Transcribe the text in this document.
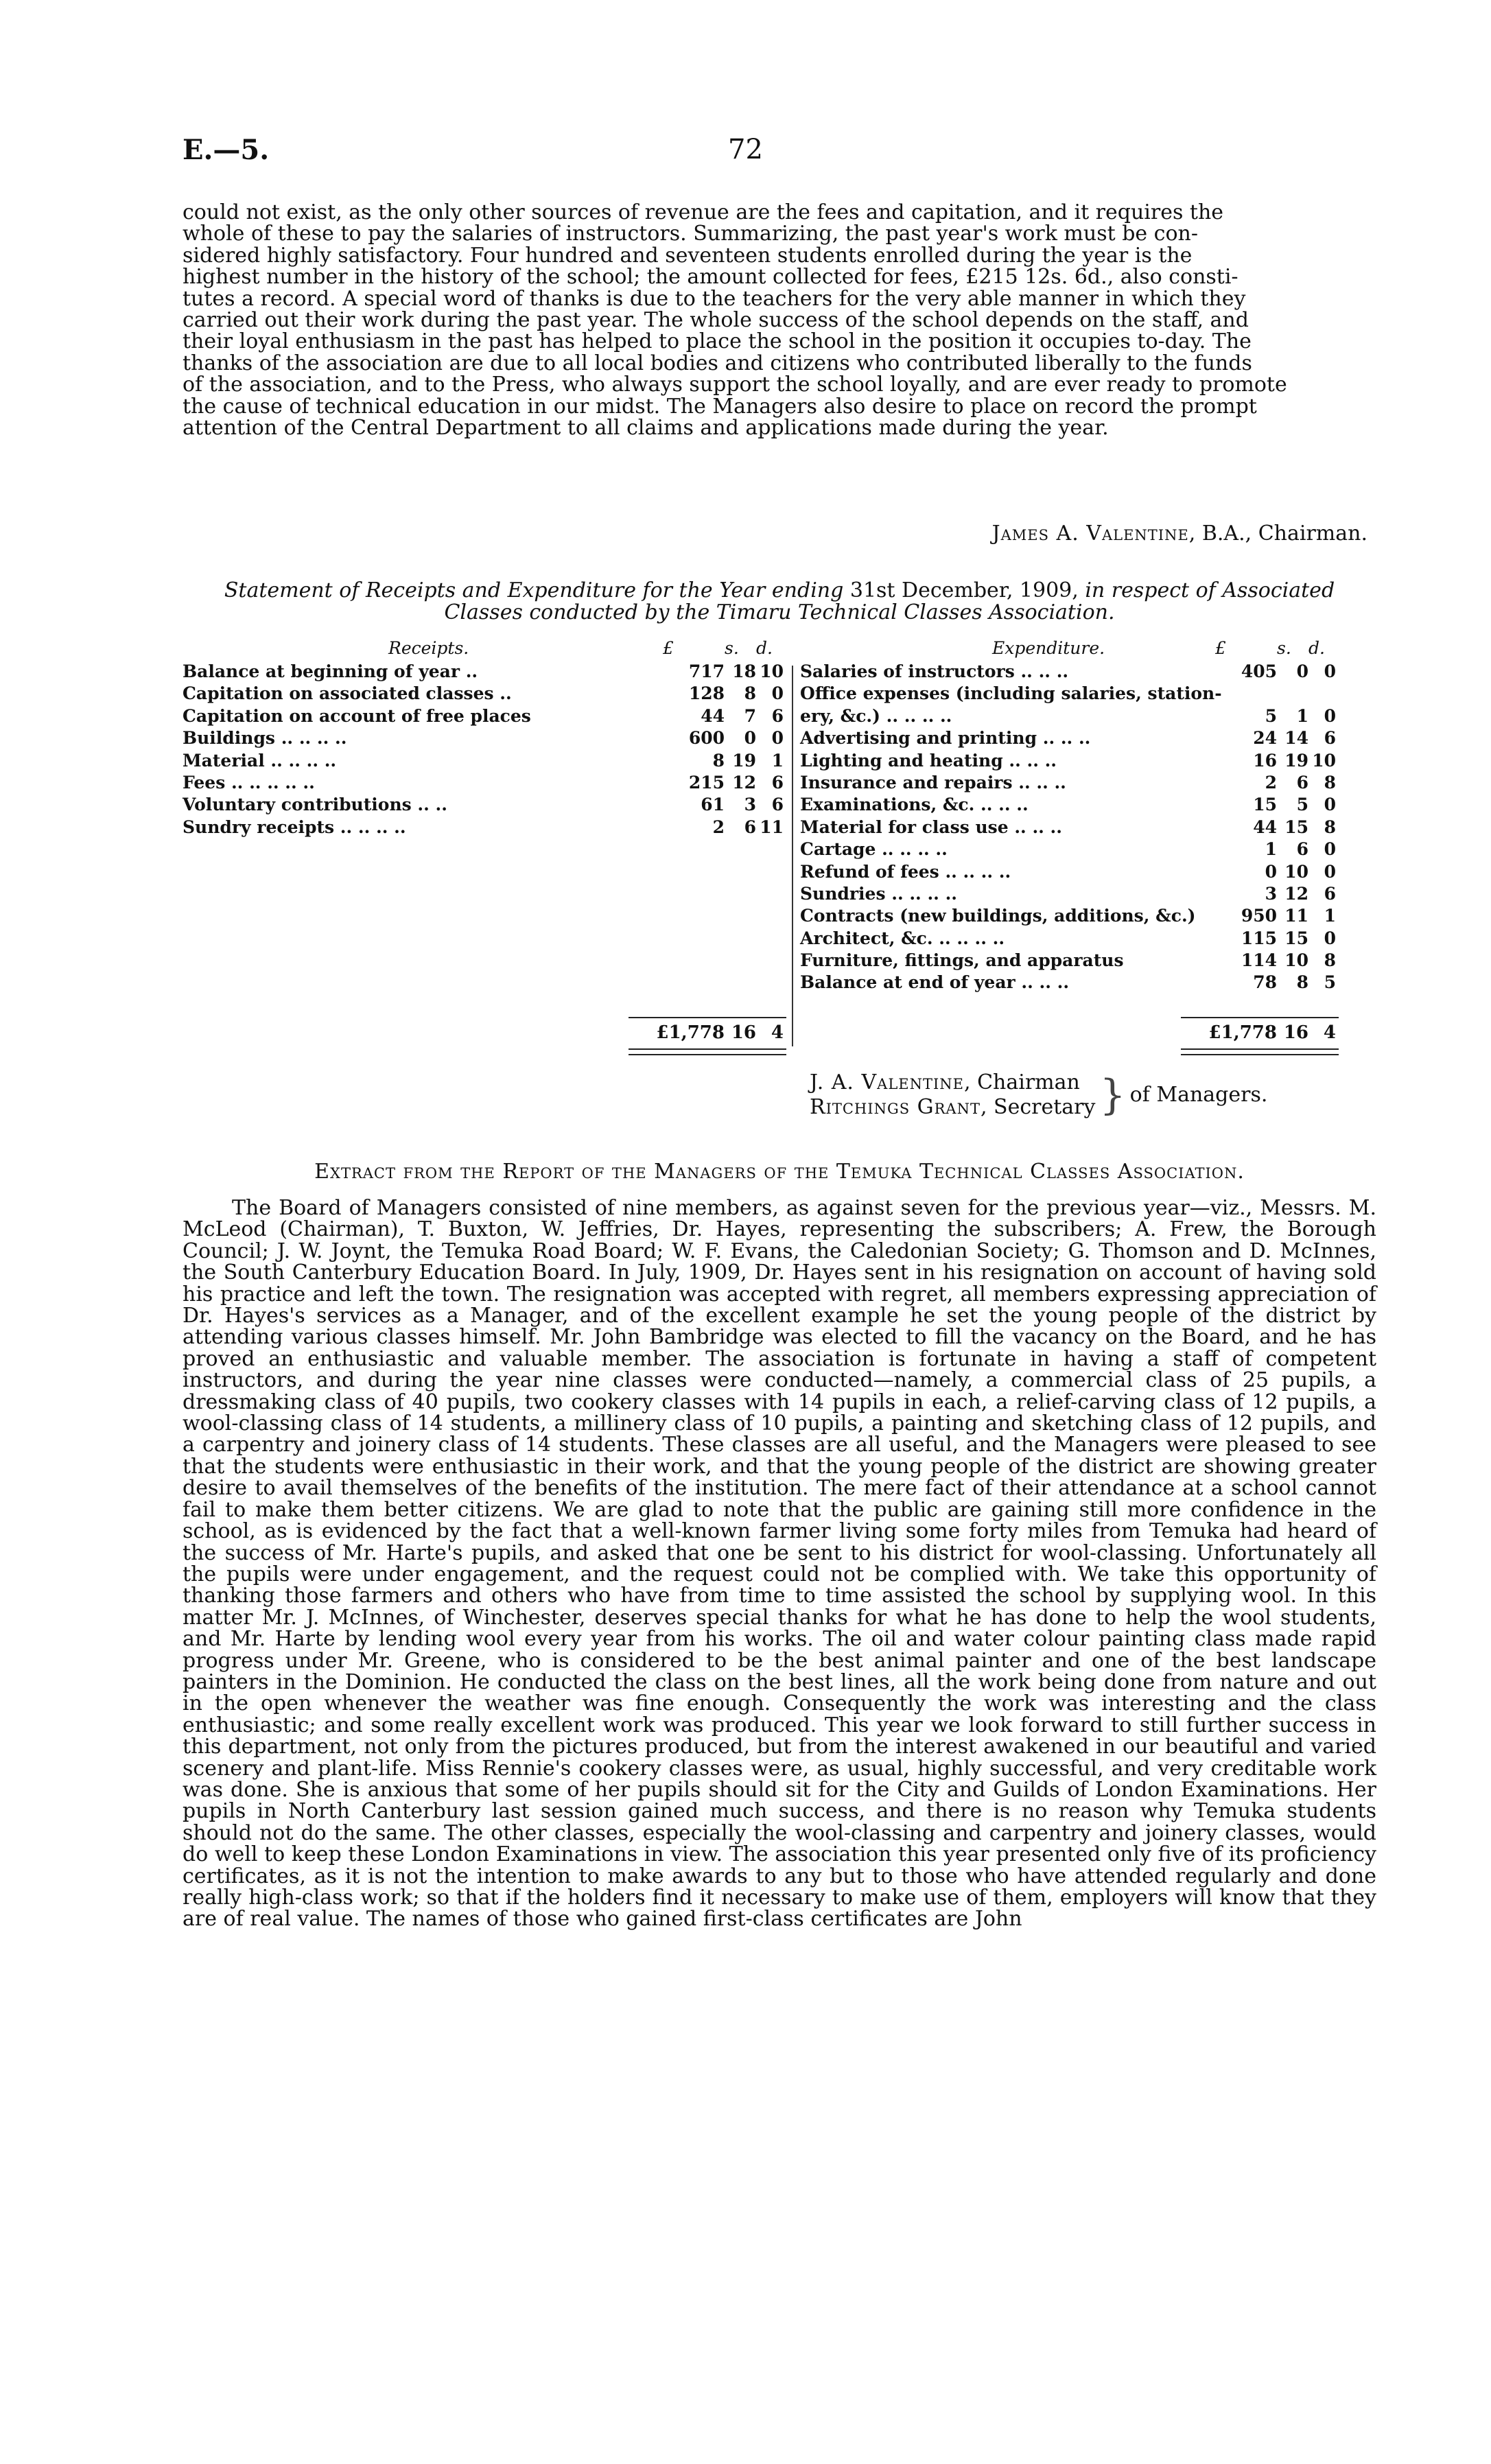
E.—5.	72
could not exist, as the only other sources of revenue are the fees and capitation, and it requires the
whole of these to pay the salaries of instructors. Summarizing, the past year's work must be con-
sidered highly satisfactory. Four hundred and seventeen students enrolled during the year is the
highest number in the history of the school; the amount collected for fees, £215 12s. 6d., also consti-
tutes a record. A special word of thanks is due to the teachers for the very able manner in which they
carried out their work during the past year. The whole success of the school depends on the staff, and
their loyal enthusiasm in the past has helped to place the school in the position it occupies to-day. The
thanks of the association are due to all local bodies and citizens who contributed liberally to the funds
of the association, and to the Press, who always support the school loyally, and are ever ready to promote
the cause of technical education in our midst. The Managers also desire to place on record the prompt
attention of the Central Department to all claims and applications made during the year.
James A. Valentine, B.A., Chairman.
Statement of Receipts and Expenditure for the Year ending 31st December, 1909, in respect of Associated Classes conducted by the Timaru Technical Classes Association.
Receipts.	£	s.	d.
Balance at beginning of year ..	717 18 10
Capitation on associated classes ..	128	8 0
Capitation on account of free places	44	7 6
Buildings .. .. .. ..	600	0 0
Material .. .. .. ..	8 19 1
Fees .. .. .. .. ..	215 12 6
Voluntary contributions .. ..	61	3 6
Sundry receipts .. .. .. ..	2	6 11
£1,778 16 4
Expenditure.	£	s.	d.
Salaries of instructors .. .. ..	405	0 0
Office expenses (including salaries, station-
ery, &c.) .. .. .. ..	5	1 0
Advertising and printing .. .. ..	24 14 6
Lighting and heating .. .. ..	16 19 10
Insurance and repairs .. .. ..	2	6 8
Examinations, &c. .. .. ..	15	5 0
Material for class use .. .. ..	44 15 8
Cartage .. .. .. ..	1	6 0
Refund of fees .. .. .. ..	0 10 0
Sundries .. .. .. ..	3 12 6
Contracts (new buildings, additions, &c.)	950 11 1
Architect, &c. .. .. .. ..	115 15 0
Furniture, fittings, and apparatus	114 10 8
Balance at end of year .. .. ..	78	8 5
£1,778 16 4
J. A. Valentine, Chairman
Ritchings Grant, Secretary } of Managers.
Extract from the Report of the Managers of the Temuka Technical Classes Association.
The Board of Managers consisted of nine members, as against seven for the previous year—viz., Messrs. M. McLeod (Chairman), T. Buxton, W. Jeffries, Dr. Hayes, representing the subscribers; A. Frew, the Borough Council; J. W. Joynt, the Temuka Road Board; W. F. Evans, the Caledonian Society; G. Thomson and D. McInnes, the South Canterbury Education Board. In July, 1909, Dr. Hayes sent in his resignation on account of having sold his practice and left the town. The resignation was accepted with regret, all members expressing appreciation of Dr. Hayes's services as a Manager, and of the excellent example he set the young people of the district by attending various classes himself. Mr. John Bambridge was elected to fill the vacancy on the Board, and he has proved an enthusiastic and valuable member. The association is fortunate in having a staff of competent instructors, and during the year nine classes were conducted—namely, a commercial class of 25 pupils, a dressmaking class of 40 pupils, two cookery classes with 14 pupils in each, a relief-carving class of 12 pupils, a wool-classing class of 14 students, a millinery class of 10 pupils, a painting and sketching class of 12 pupils, and a carpentry and joinery class of 14 students. These classes are all useful, and the Managers were pleased to see that the students were enthusiastic in their work, and that the young people of the district are showing greater desire to avail themselves of the benefits of the institution. The mere fact of their attendance at a school cannot fail to make them better citizens. We are glad to note that the public are gaining still more confidence in the school, as is evidenced by the fact that a well-known farmer living some forty miles from Temuka had heard of the success of Mr. Harte's pupils, and asked that one be sent to his district for wool-classing. Unfortunately all the pupils were under engagement, and the request could not be complied with. We take this opportunity of thanking those farmers and others who have from time to time assisted the school by supplying wool. In this matter Mr. J. McInnes, of Winchester, deserves special thanks for what he has done to help the wool students, and Mr. Harte by lending wool every year from his works. The oil and water colour painting class made rapid progress under Mr. Greene, who is considered to be the best animal painter and one of the best landscape painters in the Dominion. He conducted the class on the best lines, all the work being done from nature and out in the open whenever the weather was fine enough. Consequently the work was interesting and the class enthusiastic; and some really excellent work was produced. This year we look forward to still further success in this department, not only from the pictures produced, but from the interest awakened in our beautiful and varied scenery and plant-life. Miss Rennie's cookery classes were, as usual, highly successful, and very creditable work was done. She is anxious that some of her pupils should sit for the City and Guilds of London Examinations. Her pupils in North Canterbury last session gained much success, and there is no reason why Temuka students should not do the same. The other classes, especially the wool-classing and carpentry and joinery classes, would do well to keep these London Examinations in view. The association this year presented only five of its proficiency certificates, as it is not the intention to make awards to any but to those who have attended regularly and done really high-class work; so that if the holders find it necessary to make use of them, employers will know that they are of real value. The names of those who gained first-class certificates are John
